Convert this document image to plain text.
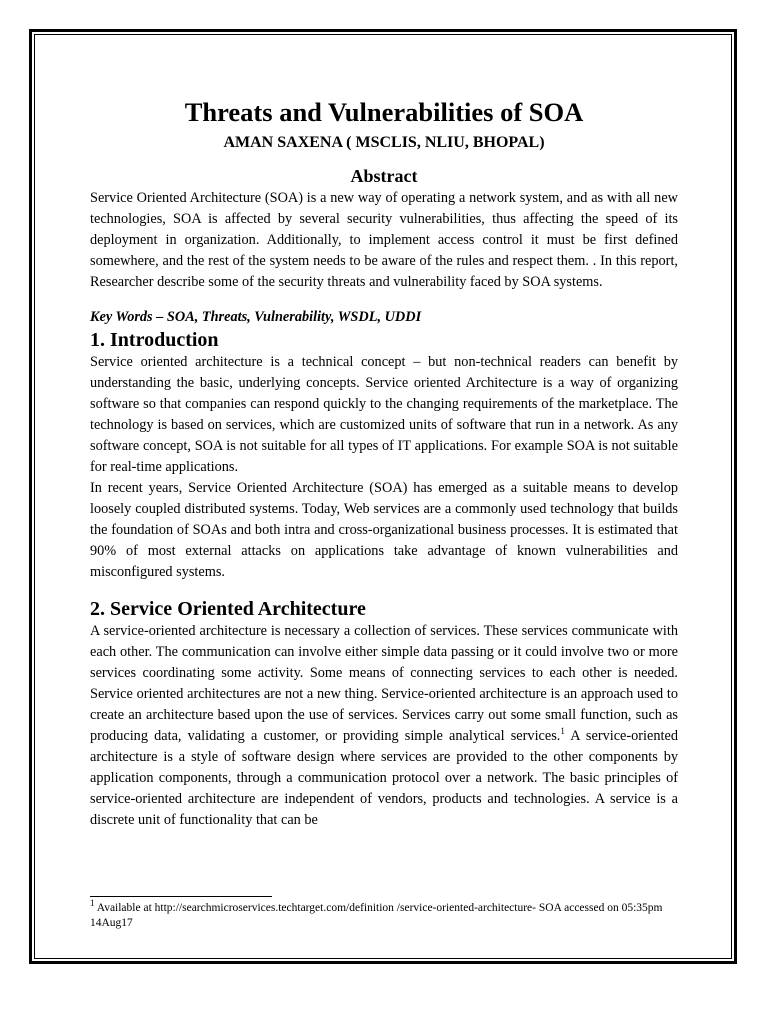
Threats and Vulnerabilities of SOA

AMAN SAXENA ( MSCLIS, NLIU, BHOPAL)

Abstract

Service Oriented Architecture (SOA) is a new way of operating a network system, and as with all new technologies, SOA is affected by several security vulnerabilities, thus affecting the speed of its deployment in organization. Additionally, to implement access control it must be first defined somewhere, and the rest of the system needs to be aware of the rules and respect them. . In this report, Researcher describe some of the security threats and vulnerability faced by SOA systems.

Key Words – SOA, Threats, Vulnerability, WSDL, UDDI

1. Introduction

Service oriented architecture is a technical concept – but non-technical readers can benefit by understanding the basic, underlying concepts. Service oriented Architecture is a way of organizing software so that companies can respond quickly to the changing requirements of the marketplace. The technology is based on services, which are customized units of software that run in a network. As any software concept, SOA is not suitable for all types of IT applications. For example SOA is not suitable for real-time applications.

In recent years, Service Oriented Architecture (SOA) has emerged as a suitable means to develop loosely coupled distributed systems. Today, Web services are a commonly used technology that builds the foundation of SOAs and both intra and cross-organizational business processes. It is estimated that 90% of most external attacks on applications take advantage of known vulnerabilities and misconfigured systems.

2. Service Oriented Architecture

A service-oriented architecture is necessary a collection of services. These services communicate with each other. The communication can involve either simple data passing or it could involve two or more services coordinating some activity. Some means of connecting services to each other is needed. Service oriented architectures are not a new thing. Service-oriented architecture is an approach used to create an architecture based upon the use of services. Services carry out some small function, such as producing data, validating a customer, or providing simple analytical services.$^1$ A service-oriented architecture is a style of software design where services are provided to the other components by application components, through a communication protocol over a network. The basic principles of service-oriented architecture are independent of vendors, products and technologies. A service is a discrete unit of functionality that can be

$^1$ Available at http://searchmicroservices.techtarget.com/definition /service-oriented-architecture- SOA accessed on 05:35pm 14Aug17
